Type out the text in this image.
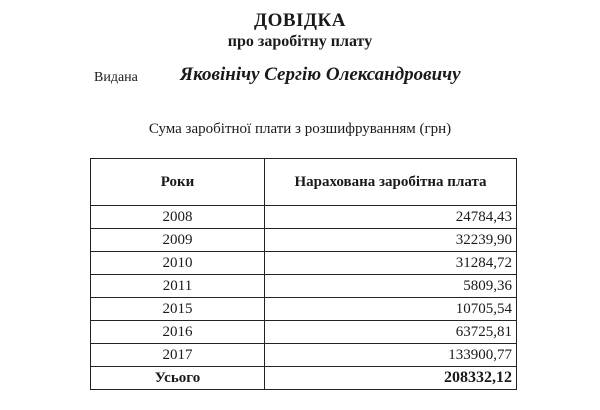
ДОВІДКА
про заробітну плату
Видана Яковінічу Сергію Олександровичу
Сума заробітної плати з розшифруванням (грн)
Роки	Нарахована заробітна плата
2008	24784,43
2009	32239,90
2010	31284,72
2011	5809,36
2015	10705,54
2016	63725,81
2017	133900,77
Усього	208332,12
